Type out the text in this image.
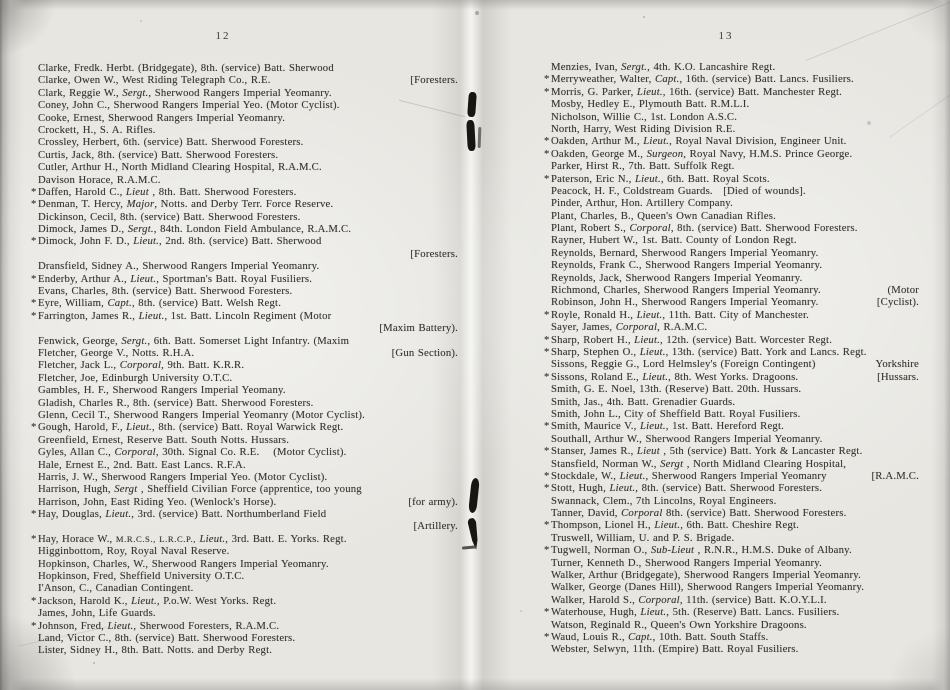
12	13
Clarke, Fredk. Herbt. (Bridgegate), 8th. (service) Batt. Sherwood
Clarke, Owen W., West Riding Telegraph Co., R.E.	[Foresters.
Clark, Reggie W., Sergt., Sherwood Rangers Imperial Yeomanry.
Coney, John C., Sherwood Rangers Imperial Yeo. (Motor Cyclist).
Cooke, Ernest, Sherwood Rangers Imperial Yeomanry.
Crockett, H., S. A. Rifles.
Crossley, Herbert, 6th. (service) Batt. Sherwood Foresters.
Curtis, Jack, 8th. (service) Batt. Sherwood Foresters.
Cutler, Arthur H., North Midland Clearing Hospital, R.A.M.C.
Davison Horace, R.A.M.C.
* Daffen, Harold C., Lieut , 8th. Batt. Sherwood Foresters.
* Denman, T. Hercy, Major, Notts. and Derby Terr. Force Reserve.
Dickinson, Cecil, 8th. (service) Batt. Sherwood Foresters.
Dimock, James D., Sergt., 84th. London Field Ambulance, R.A.M.C.
* Dimock, John F. D., Lieut., 2nd. 8th. (service) Batt. Sherwood
[Foresters.
Dransfield, Sidney A., Sherwood Rangers Imperial Yeomanry.
* Enderby, Arthur A., Lieut., Sportman's Batt. Royal Fusiliers.
Evans, Charles, 8th. (service) Batt. Sherwood Foresters.
* Eyre, William, Capt., 8th. (service) Batt. Welsh Regt.
* Farrington, James R., Lieut., 1st. Batt. Lincoln Regiment (Motor
[Maxim Battery).
Fenwick, George, Sergt., 6th. Batt. Somerset Light Infantry. (Maxim
Fletcher, George V., Notts. R.H.A.	[Gun Section).
Fletcher, Jack L., Corporal, 9th. Batt. K.R.R.
Fletcher, Joe, Edinburgh University O.T.C.
Gambles, H. F., Sherwood Rangers Imperial Yeomany.
Gladish, Charles R., 8th. (service) Batt. Sherwood Foresters.
Glenn, Cecil T., Sherwood Rangers Imperial Yeomanry (Motor Cyclist).
* Gough, Harold, F., Lieut., 8th. (service) Batt. Royal Warwick Regt.
Greenfield, Ernest, Reserve Batt. South Notts. Hussars.
Gyles, Allan C., Corporal, 30th. Signal Co. R.E.    (Motor Cyclist).
Hale, Ernest E., 2nd. Batt. East Lancs. R.F.A.
Harris, J. W., Sherwood Rangers Imperial Yeo. (Motor Cyclist).
Harrison, Hugh, Sergt , Sheffield Civilian Force (apprentice, too young
Harrison, John, East Riding Yeo. (Wenlock's Horse).	[for army).
* Hay, Douglas, Lieut., 3rd. (service) Batt. Northumberland Field
[Artillery.
* Hay, Horace W., M.R.C.S., L.R.C.P., Lieut., 3rd. Batt. E. Yorks. Regt.
Higginbottom, Roy, Royal Naval Reserve.
Hopkinson, Charles, W., Sherwood Rangers Imperial Yeomanry.
Hopkinson, Fred, Sheffield University O.T.C.
I'Anson, C., Canadian Contingent.
* Jackson, Harold K., Lieut., P.o.W. West Yorks. Regt.
James, John, Life Guards.
* Johnson, Fred, Lieut., Sherwood Foresters, R.A.M.C.
Land, Victor C., 8th. (service) Batt. Sherwood Foresters.
Lister, Sidney H., 8th. Batt. Notts. and Derby Regt.
Menzies, Ivan, Sergt., 4th. K.O. Lancashire Regt.
* Merryweather, Walter, Capt., 16th. (service) Batt. Lancs. Fusiliers.
* Morris, G. Parker, Lieut., 16th. (service) Batt. Manchester Regt.
Mosby, Hedley E., Plymouth Batt. R.M.L.I.
Nicholson, Willie C., 1st. London A.S.C.
North, Harry, West Riding Division R.E.
* Oakden, Arthur M., Lieut., Royal Naval Division, Engineer Unit.
* Oakden, George M., Surgeon, Royal Navy, H.M.S. Prince George.
Parker, Hirst R., 7th. Batt. Suffolk Regt.
* Paterson, Eric N., Lieut., 6th. Batt. Royal Scots.
Peacock, H. F., Coldstream Guards.   [Died of wounds].
Pinder, Arthur, Hon. Artillery Company.
Plant, Charles, B., Queen's Own Canadian Rifles.
Plant, Robert S., Corporal, 8th. (service) Batt. Sherwood Foresters.
Rayner, Hubert W., 1st. Batt. County of London Regt.
Reynolds, Bernard, Sherwood Rangers Imperial Yeomanry.
Reynolds, Frank C., Sherwood Rangers Imperial Yeomanry.
Reynolds, Jack, Sherwood Rangers Imperial Yeomanry.
Richmond, Charles, Sherwood Rangers Imperial Yeomanry.	(Motor
Robinson, John H., Sherwood Rangers Imperial Yeomanry.	[Cyclist).
* Royle, Ronald H., Lieut., 11th. Batt. City of Manchester.
Sayer, James, Corporal, R.A.M.C.
* Sharp, Robert H., Lieut., 12th. (service) Batt. Worcester Regt.
* Sharp, Stephen O., Lieut., 13th. (service) Batt. York and Lancs. Regt.
Sissons, Reggie G., Lord Helmsley's (Foreign Contingent)	Yorkshire
* Sissons, Roland E., Lieut., 8th. West Yorks. Dragoons.	[Hussars.
Smith, G. E. Noel, 13th. (Reserve) Batt. 20th. Hussars.
Smith, Jas., 4th. Batt. Grenadier Guards.
Smith, John L., City of Sheffield Batt. Royal Fusiliers.
* Smith, Maurice V., Lieut., 1st. Batt. Hereford Regt.
Southall, Arthur W., Sherwood Rangers Imperial Yeomanry.
* Stanser, James R., Lieut , 5th (service) Batt. York & Lancaster Regt.
Stansfield, Norman W., Sergt , North Midland Clearing Hospital,
* Stockdale, W., Lieut., Sherwood Rangers Imperial Yeomanry	[R.A.M.C.
* Stott, Hugh, Lieut., 8th. (service) Batt. Sherwood Foresters.
Swannack, Clem., 7th Lincolns, Royal Engineers.
Tanner, David, Corporal 8th. (service) Batt. Sherwood Foresters.
* Thompson, Lionel H., Lieut., 6th. Batt. Cheshire Regt.
Truswell, William, U. and P. S. Brigade.
* Tugwell, Norman O., Sub-Lieut , R.N.R., H.M.S. Duke of Albany.
Turner, Kenneth D., Sherwood Rangers Imperial Yeomanry.
Walker, Arthur (Bridgegate), Sherwood Rangers Imperial Yeomanry.
Walker, George (Danes Hill), Sherwood Rangers Imperial Yeomanry.
Walker, Harold S., Corporal, 11th. (service) Batt. K.O.Y.L.I.
* Waterhouse, Hugh, Lieut., 5th. (Reserve) Batt. Lancs. Fusiliers.
Watson, Reginald R., Queen's Own Yorkshire Dragoons.
* Waud, Louis R., Capt., 10th. Batt. South Staffs.
Webster, Selwyn, 11th. (Empire) Batt. Royal Fusiliers.
